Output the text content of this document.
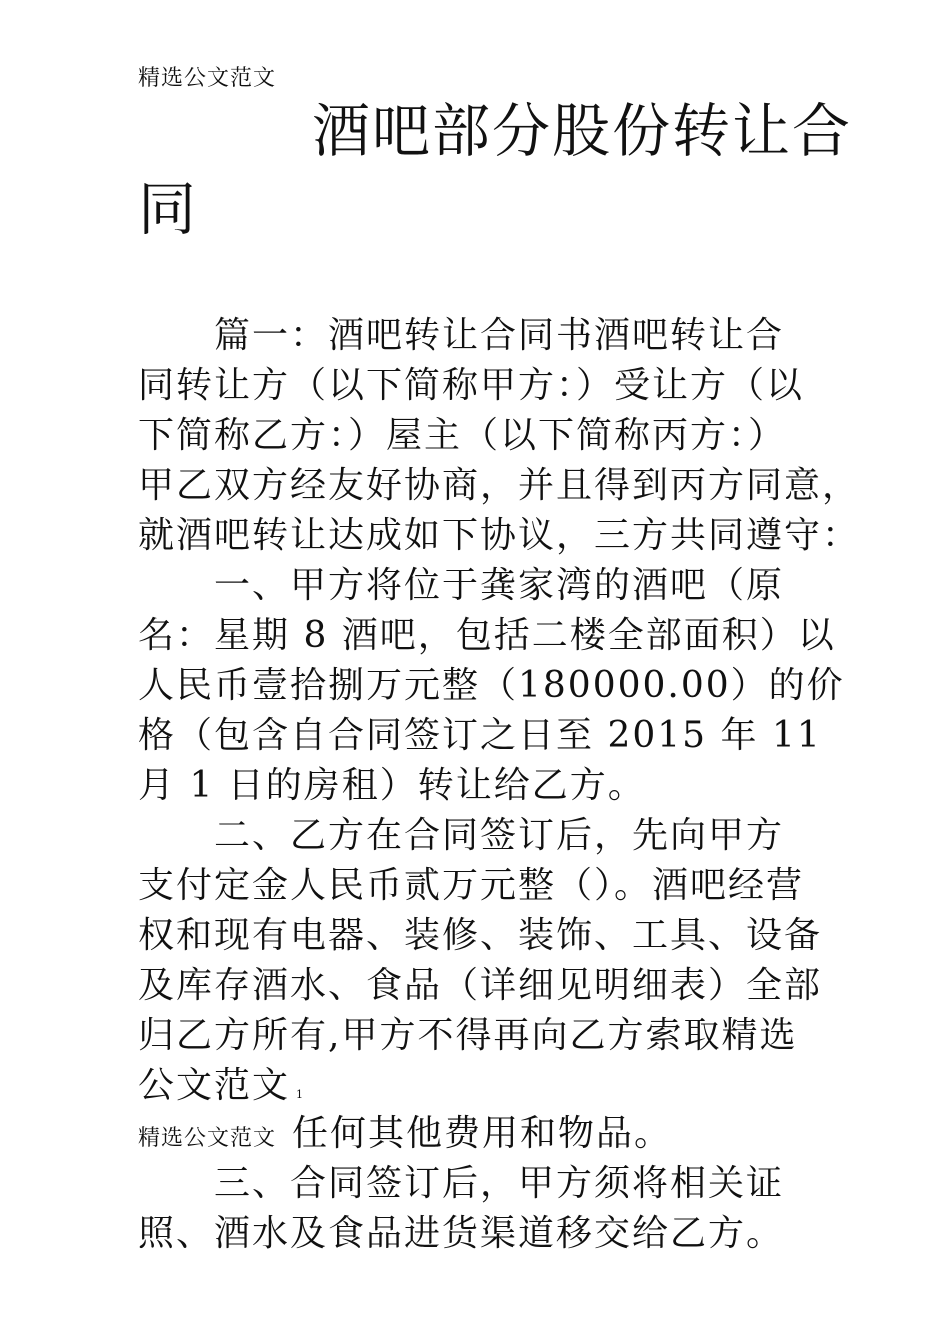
精选公文范文
酒吧部分股份转让合
同
篇一：酒吧转让合同书酒吧转让合
同转让方（以下简称甲方：）受让方（以
下简称乙方：）屋主（以下简称丙方：）
甲乙双方经友好协商，并且得到丙方同意，
就酒吧转让达成如下协议，三方共同遵守：
一、甲方将位于龚家湾的酒吧（原
名：星期 8 酒吧，包括二楼全部面积）以
人民币壹拾捌万元整（180000.00）的价
格（包含自合同签订之日至 2015 年 11
月 1 日的房租）转让给乙方。
二、乙方在合同签订后，先向甲方
支付定金人民币贰万元整（）。酒吧经营
权和现有电器、装修、装饰、工具、设备
及库存酒水、食品（详细见明细表）全部
归乙方所有,甲方不得再向乙方索取精选
公文范文 1
精选公文范文 任何其他费用和物品。
三、合同签订后，甲方须将相关证
照、酒水及食品进货渠道移交给乙方。
